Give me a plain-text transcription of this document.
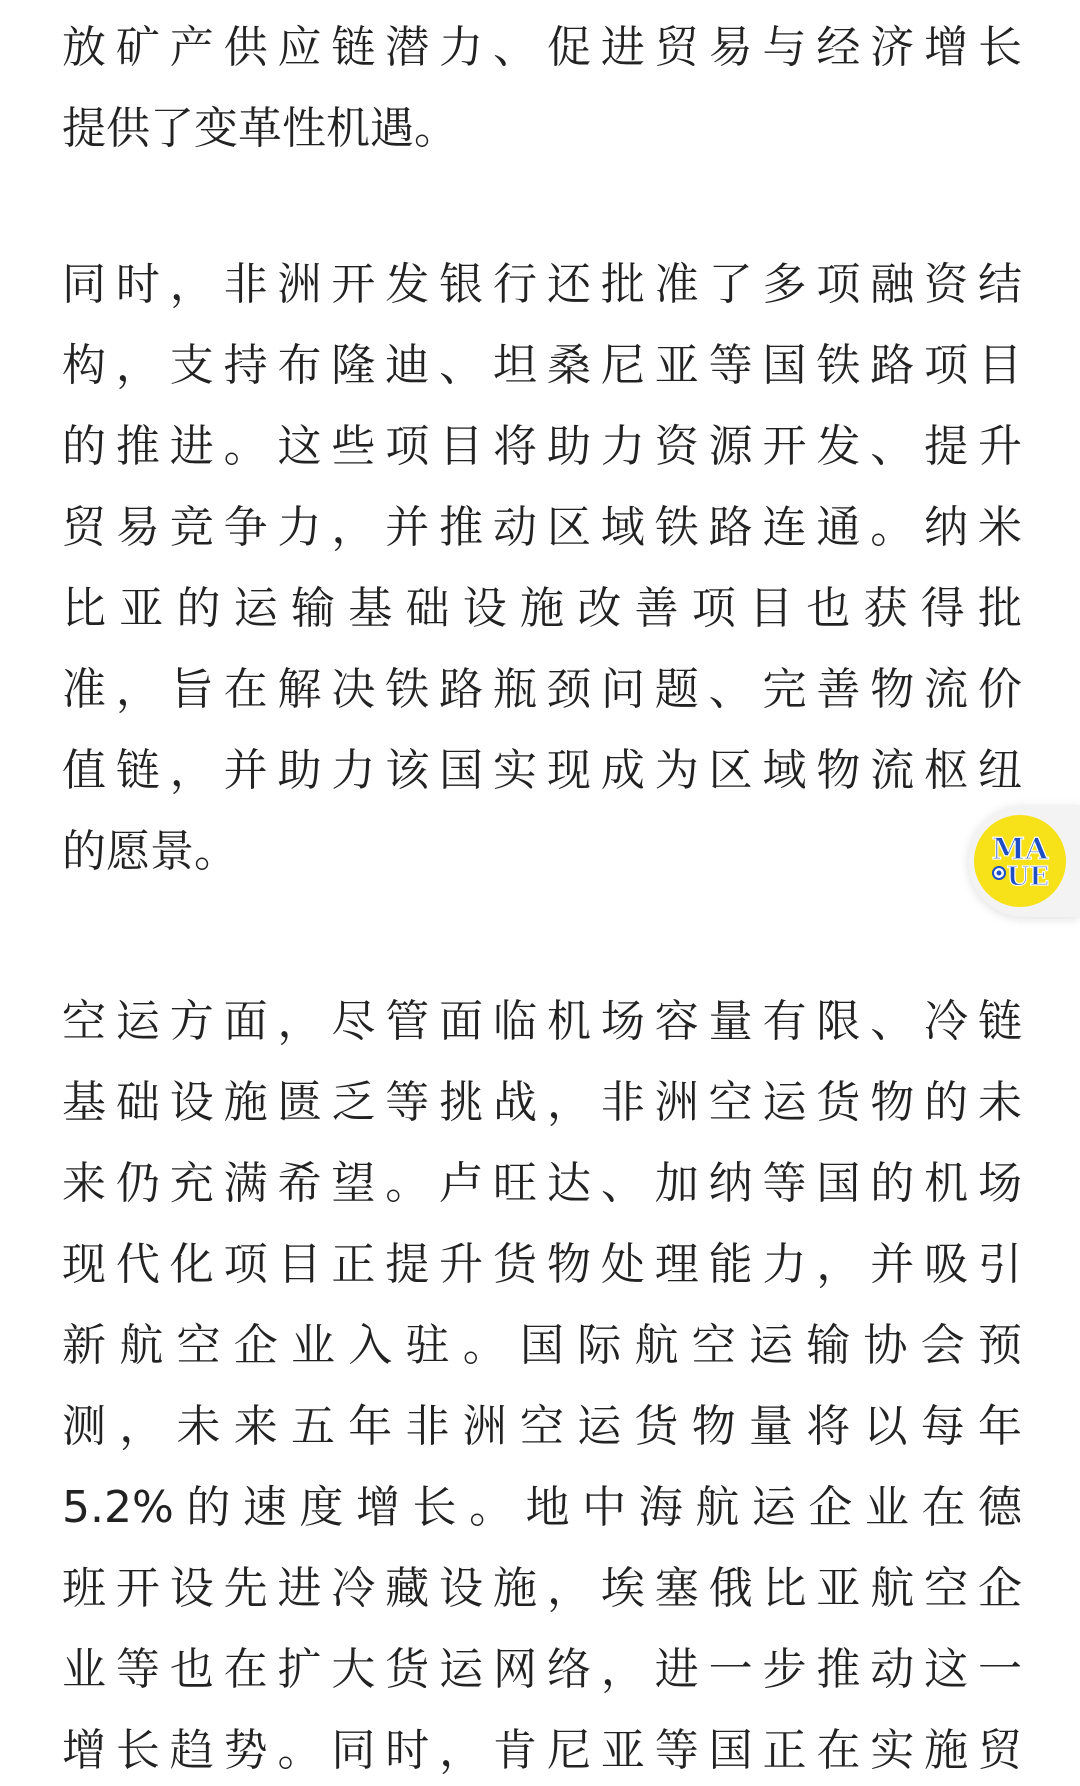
放矿产供应链潜力、促进贸易与经济增长
提供了变革性机遇。
同时，非洲开发银行还批准了多项融资结
构，支持布隆迪、坦桑尼亚等国铁路项目
的推进。这些项目将助力资源开发、提升
贸易竞争力，并推动区域铁路连通。纳米
比亚的运输基础设施改善项目也获得批
准，旨在解决铁路瓶颈问题、完善物流价
值链，并助力该国实现成为区域物流枢纽
的愿景。
空运方面，尽管面临机场容量有限、冷链
基础设施匮乏等挑战，非洲空运货物的未
来仍充满希望。卢旺达、加纳等国的机场
现代化项目正提升货物处理能力，并吸引
新航空企业入驻。国际航空运输协会预
测，未来五年非洲空运货物量将以每年
5.2%的速度增长。地中海航运企业在德
班开设先进冷藏设施，埃塞俄比亚航空企
业等也在扩大货运网络，进一步推动这一
增长趋势。同时，肯尼亚等国正在实施贸
MA
UE
